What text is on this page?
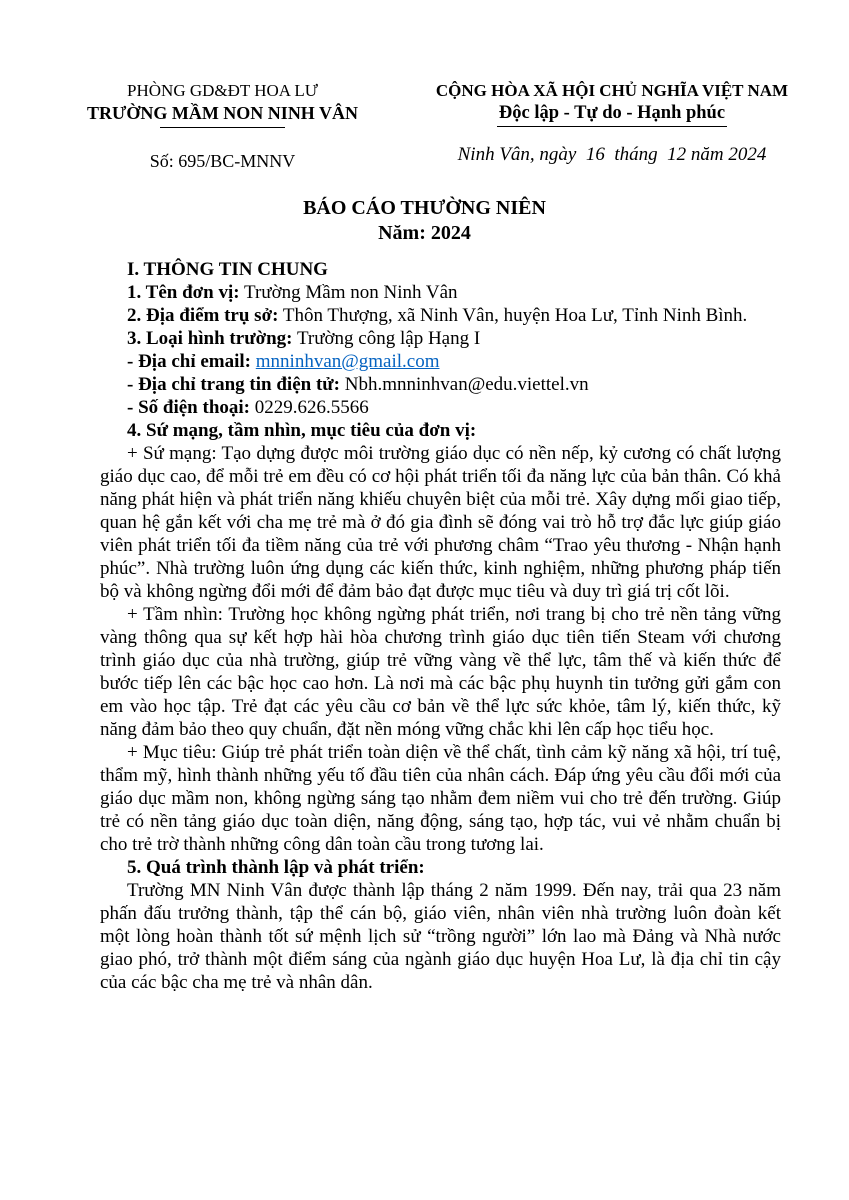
PHÒNG GD&ĐT HOA LƯ
TRƯỜNG MẦM NON NINH VÂN
Số: 695/BC-MNNV
CỘNG HÒA XÃ HỘI CHỦ NGHĨA VIỆT NAM
Độc lập - Tự do - Hạnh phúc
Ninh Vân, ngày  16  tháng  12 năm 2024
BÁO CÁO THƯỜNG NIÊN
Năm: 2024

I. THÔNG TIN CHUNG

1. Tên đơn vị: Trường Mầm non Ninh Vân

2. Địa điểm trụ sở: Thôn Thượng, xã Ninh Vân, huyện Hoa Lư, Tỉnh Ninh Bình.

3. Loại hình trường: Trường công lập Hạng I

- Địa chỉ email: mnninhvan@gmail.com

- Địa chỉ trang tin điện tử: Nbh.mnninhvan@edu.viettel.vn

- Số điện thoại: 0229.626.5566

4. Sứ mạng, tầm nhìn, mục tiêu của đơn vị:

+ Sứ mạng: Tạo dựng được môi trường giáo dục có nền nếp, kỷ cương có chất lượng giáo dục cao, để mỗi trẻ em đều có cơ hội phát triển tối đa năng lực của bản thân. Có khả năng phát hiện và phát triển năng khiếu chuyên biệt của mỗi trẻ. Xây dựng mối giao tiếp, quan hệ gắn kết với cha mẹ trẻ mà ở đó gia đình sẽ đóng vai trò hỗ trợ đắc lực giúp giáo viên phát triển tối đa tiềm năng của trẻ với phương châm “Trao yêu thương - Nhận hạnh phúc”. Nhà trường luôn ứng dụng các kiến thức, kinh nghiệm, những phương pháp tiến bộ và không ngừng đổi mới để đảm bảo đạt được mục tiêu và duy trì giá trị cốt lõi.

+ Tầm nhìn: Trường học không ngừng phát triển, nơi trang bị cho trẻ nền tảng vững vàng thông qua sự kết hợp hài hòa chương trình giáo dục tiên tiến Steam với chương trình giáo dục của nhà trường, giúp trẻ vững vàng về thể lực, tâm thế và kiến thức để bước tiếp lên các bậc học cao hơn. Là nơi mà các bậc phụ huynh tin tưởng gửi gắm con em vào học tập. Trẻ đạt các yêu cầu cơ bản về thể lực sức khỏe, tâm lý, kiến thức, kỹ năng đảm bảo theo quy chuẩn, đặt nền móng vững chắc khi lên cấp học tiểu học.

+ Mục tiêu: Giúp trẻ phát triển toàn diện về thể chất, tình cảm kỹ năng xã hội, trí tuệ, thẩm mỹ, hình thành những yếu tố đầu tiên của nhân cách. Đáp ứng yêu cầu đổi mới của giáo dục mầm non, không ngừng sáng tạo nhằm đem niềm vui cho trẻ đến trường. Giúp trẻ có nền tảng giáo dục toàn diện, năng động, sáng tạo, hợp tác, vui vẻ nhằm chuẩn bị cho trẻ trờ thành những công dân toàn cầu trong tương lai.

5. Quá trình thành lập và phát triển:

Trường MN Ninh Vân được thành lập tháng 2 năm 1999. Đến nay, trải qua 23 năm phấn đấu trưởng thành, tập thể cán bộ, giáo viên, nhân viên nhà trường luôn đoàn kết một lòng hoàn thành tốt sứ mệnh lịch sử “trồng người” lớn lao mà Đảng và Nhà nước giao phó, trở thành một điểm sáng của ngành giáo dục huyện Hoa Lư, là địa chỉ tin cậy của các bậc cha mẹ trẻ và nhân dân.
